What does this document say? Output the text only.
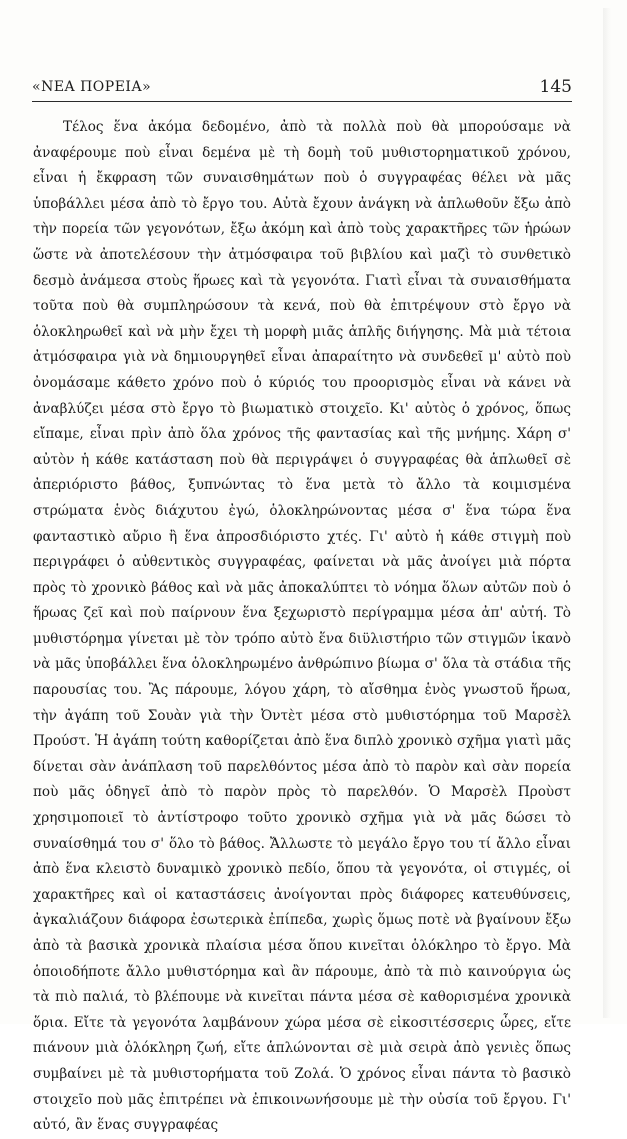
«ΝΕΑ ΠΟΡΕΙΑ»	145

Τέλος ἕνα ἀκόμα δεδομένο, ἀπὸ τὰ πολλὰ ποὺ θὰ μπορούσαμε νὰ ἀναφέρουμε ποὺ εἶναι δεμένα μὲ τὴ δομὴ τοῦ μυθιστορηματικοῦ χρόνου, εἶναι ἡ ἔκφραση τῶν συναισθημάτων ποὺ ὁ συγγραφέας θέλει νὰ μᾶς ὑποβάλλει μέσα ἀπὸ τὸ ἔργο του. Αὐτὰ ἔχουν ἀνάγκη νὰ ἀπλωθοῦν ἔξω ἀπὸ τὴν πορεία τῶν γεγονότων, ἔξω ἀκόμη καὶ ἀπὸ τοὺς χαρακτῆρες τῶν ἡρώων ὥστε νὰ ἀποτελέσουν τὴν ἀτμόσφαιρα τοῦ βιβλίου καὶ μαζὶ τὸ συνθετικὸ δεσμὸ ἀνάμεσα στοὺς ἥρωες καὶ τὰ γεγονότα. Γιατὶ εἶναι τὰ συναισθήματα τοῦτα ποὺ θὰ συμπληρώσουν τὰ κενά, ποὺ θὰ ἐπιτρέψουν στὸ ἔργο νὰ ὁλοκληρωθεῖ καὶ νὰ μὴν ἔχει τὴ μορφὴ μιᾶς ἁπλῆς διήγησης. Μὰ μιὰ τέτοια ἀτμόσφαιρα γιὰ νὰ δημιουργηθεῖ εἶναι ἀπαραίτητο νὰ συνδεθεῖ μ' αὐτὸ ποὺ ὀνομάσαμε κάθετο χρόνο ποὺ ὁ κύριός του προορισμὸς εἶναι νὰ κάνει νὰ ἀναβλύζει μέσα στὸ ἔργο τὸ βιωματικὸ στοιχεῖο. Κι' αὐτὸς ὁ χρόνος, ὅπως εἴπαμε, εἶναι πρὶν ἀπὸ ὅλα χρόνος τῆς φαντασίας καὶ τῆς μνήμης. Χάρη σ' αὐτὸν ἡ κάθε κατάσταση ποὺ θὰ περιγράψει ὁ συγγραφέας θὰ ἁπλωθεῖ σὲ ἀπεριόριστο βάθος, ξυπνώντας τὸ ἕνα μετὰ τὸ ἄλλο τὰ κοιμισμένα στρώματα ἑνὸς διάχυτου ἐγώ, ὁλοκληρώνοντας μέσα σ' ἕνα τώρα ἕνα φανταστικὸ αὔριο ἢ ἕνα ἀπροσδιόριστο χτές. Γι' αὐτὸ ἡ κάθε στιγμὴ ποὺ περιγράφει ὁ αὐθεντικὸς συγγραφέας, φαίνεται νὰ μᾶς ἀνοίγει μιὰ πόρτα πρὸς τὸ χρονικὸ βάθος καὶ νὰ μᾶς ἀποκαλύπτει τὸ νόημα ὅλων αὐτῶν ποὺ ὁ ἥρωας ζεῖ καὶ ποὺ παίρνουν ἕνα ξεχωριστὸ περίγραμμα μέσα ἀπ' αὐτή. Τὸ μυθιστόρημα γίνεται μὲ τὸν τρόπο αὐτὸ ἕνα διϋλιστήριο τῶν στιγμῶν ἱκανὸ νὰ μᾶς ὑποβάλλει ἕνα ὁλοκληρωμένο ἀνθρώπινο βίωμα σ' ὅλα τὰ στάδια τῆς παρουσίας του. Ἂς πάρουμε, λόγου χάρη, τὸ αἴσθημα ἑνὸς γνωστοῦ ἥρωα, τὴν ἀγάπη τοῦ Σουὰν γιὰ τὴν Ὀντὲτ μέσα στὸ μυθιστόρημα τοῦ Μαρσὲλ Προύστ. Ἡ ἀγάπη τούτη καθορίζεται ἀπὸ ἕνα διπλὸ χρονικὸ σχῆμα γιατὶ μᾶς δίνεται σὰν ἀνάπλαση τοῦ παρελθόντος μέσα ἀπὸ τὸ παρὸν καὶ σὰν πορεία ποὺ μᾶς ὁδηγεῖ ἀπὸ τὸ παρὸν πρὸς τὸ παρελθόν. Ὁ Μαρσὲλ Προὺστ χρησιμοποιεῖ τὸ ἀντίστροφο τοῦτο χρονικὸ σχῆμα γιὰ νὰ μᾶς δώσει τὸ συναίσθημά του σ' ὅλο τὸ βάθος. Ἄλλωστε τὸ μεγάλο ἔργο του τί ἄλλο εἶναι ἀπὸ ἕνα κλειστὸ δυναμικὸ χρονικὸ πεδίο, ὅπου τὰ γεγονότα, οἱ στιγμές, οἱ χαρακτῆρες καὶ οἱ καταστάσεις ἀνοίγονται πρὸς διάφορες κατευθύνσεις, ἀγκαλιάζουν διάφορα ἐσωτερικὰ ἐπίπεδα, χωρὶς ὅμως ποτὲ νὰ βγαίνουν ἔξω ἀπὸ τὰ βασικὰ χρονικὰ πλαίσια μέσα ὅπου κινεῖται ὁλόκληρο τὸ ἔργο. Μὰ ὁποιοδήποτε ἄλλο μυθιστόρημα καὶ ἂν πάρουμε, ἀπὸ τὰ πιὸ καινούργια ὡς τὰ πιὸ παλιά, τὸ βλέπουμε νὰ κινεῖται πάντα μέσα σὲ καθορισμένα χρονικὰ ὅρια. Εἴτε τὰ γεγονότα λαμβάνουν χώρα μέσα σὲ εἰκοσιτέσσερις ὧρες, εἴτε πιάνουν μιὰ ὁλόκληρη ζωή, εἴτε ἁπλώνονται σὲ μιὰ σειρὰ ἀπὸ γενιὲς ὅπως συμβαίνει μὲ τὰ μυθιστορήματα τοῦ Ζολά. Ὁ χρόνος εἶναι πάντα τὸ βασικὸ στοιχεῖο ποὺ μᾶς ἐπιτρέπει νὰ ἐπικοινωνήσουμε μὲ τὴν οὐσία τοῦ ἔργου. Γι' αὐτό, ἂν ἕνας συγγραφέας
